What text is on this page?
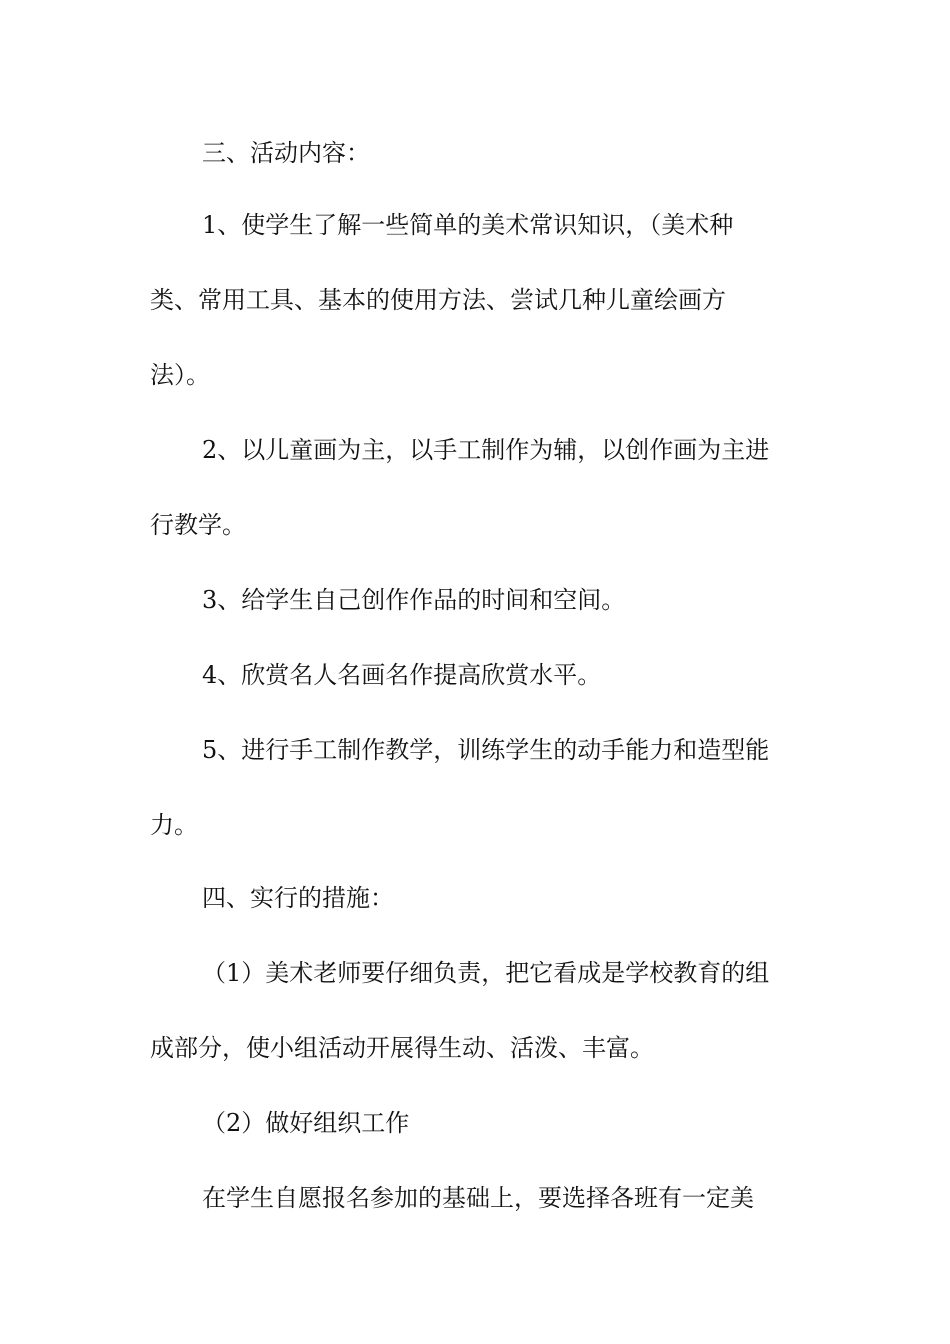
三、活动内容：
1、使学生了解一些简单的美术常识知识，（美术种
类、常用工具、基本的使用方法、尝试几种儿童绘画方
法）。
2、以儿童画为主，以手工制作为辅，以创作画为主进
行教学。
3、给学生自己创作作品的时间和空间。
4、欣赏名人名画名作提高欣赏水平。
5、进行手工制作教学，训练学生的动手能力和造型能
力。
四、实行的措施：
（1）美术老师要仔细负责，把它看成是学校教育的组
成部分，使小组活动开展得生动、活泼、丰富。
（2）做好组织工作
在学生自愿报名参加的基础上，要选择各班有一定美
